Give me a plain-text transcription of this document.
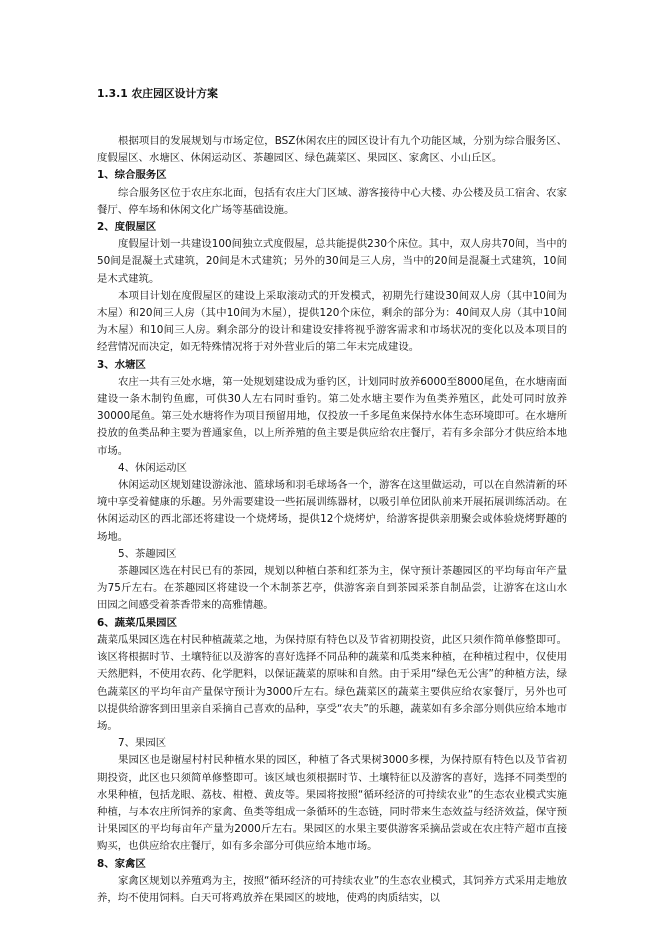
1.3.1 农庄园区设计方案

根据项目的发展规划与市场定位，BSZ休闲农庄的园区设计有九个功能区域，分别为综合服务区、度假屋区、水塘区、休闲运动区、茶趣园区、绿色蔬菜区、果园区、家禽区、小山丘区。

1、综合服务区

综合服务区位于农庄东北面，包括有农庄大门区域、游客接待中心大楼、办公楼及员工宿舍、农家餐厅、停车场和休闲文化广场等基础设施。

2、度假屋区

度假屋计划一共建设100间独立式度假屋，总共能提供230个床位。其中，双人房共70间，当中的50间是混凝土式建筑，20间是木式建筑；另外的30间是三人房，当中的20间是混凝土式建筑，10间是木式建筑。

本项目计划在度假屋区的建设上采取滚动式的开发模式，初期先行建设30间双人房（其中10间为木屋）和20间三人房（其中10间为木屋），提供120个床位，剩余的部分为：40间双人房（其中10间为木屋）和10间三人房。剩余部分的设计和建设安排将视乎游客需求和市场状况的变化以及本项目的经营情况而决定，如无特殊情况将于对外营业后的第二年末完成建设。

3、水塘区

农庄一共有三处水塘，第一处规划建设成为垂钓区，计划同时放养6000至8000尾鱼，在水塘南面建设一条木制钓鱼廊，可供30人左右同时垂钓。第二处水塘主要作为鱼类养殖区，此处可同时放养30000尾鱼。第三处水塘将作为项目预留用地，仅投放一千多尾鱼来保持水体生态环境即可。在水塘所投放的鱼类品种主要为普通家鱼，以上所养殖的鱼主要是供应给农庄餐厅，若有多余部分才供应给本地市场。

4、休闲运动区

休闲运动区规划建设游泳池、篮球场和羽毛球场各一个，游客在这里做运动，可以在自然清新的环境中享受着健康的乐趣。另外需要建设一些拓展训练器材，以吸引单位团队前来开展拓展训练活动。在休闲运动区的西北部还将建设一个烧烤场，提供12个烧烤炉，给游客提供亲朋聚会或体验烧烤野趣的场地。

5、茶趣园区

茶趣园区选在村民已有的茶园，规划以种植白茶和红茶为主，保守预计茶趣园区的平均每亩年产量为75斤左右。在茶趣园区将建设一个木制茶艺亭，供游客亲自到茶园采茶自制品尝，让游客在这山水田园之间感受着茶香带来的高雅情趣。

6、蔬菜瓜果园区

蔬菜瓜果园区选在村民种植蔬菜之地，为保持原有特色以及节省初期投资，此区只须作简单修整即可。该区将根据时节、土壤特征以及游客的喜好选择不同品种的蔬菜和瓜类来种植，在种植过程中，仅使用天然肥料，不使用农药、化学肥料，以保证蔬菜的原味和自然。由于采用“绿色无公害”的种植方法，绿色蔬菜区的平均年亩产量保守预计为3000斤左右。绿色蔬菜区的蔬菜主要供应给农家餐厅，另外也可以提供给游客到田里亲自采摘自己喜欢的品种，享受“农夫”的乐趣，蔬菜如有多余部分则供应给本地市场。

7、果园区

果园区也是谢屋村村民种植水果的园区，种植了各式果树3000多棵，为保持原有特色以及节省初期投资，此区也只须简单修整即可。该区域也须根据时节、土壤特征以及游客的喜好，选择不同类型的水果种植，包括龙眼、荔枝、柑橙、黄皮等。果园将按照“循环经济的可持续农业”的生态农业模式实施种植，与本农庄所饲养的家禽、鱼类等组成一条循环的生态链，同时带来生态效益与经济效益，保守预计果园区的平均每亩年产量为2000斤左右。果园区的水果主要供游客采摘品尝或在农庄特产超市直接购买，也供应给农庄餐厅，如有多余部分可供应给本地市场。

8、家禽区

家禽区规划以养殖鸡为主，按照“循环经济的可持续农业”的生态农业模式，其饲养方式采用走地放养，均不使用饲料。白天可将鸡放养在果园区的坡地，使鸡的肉质结实，以
